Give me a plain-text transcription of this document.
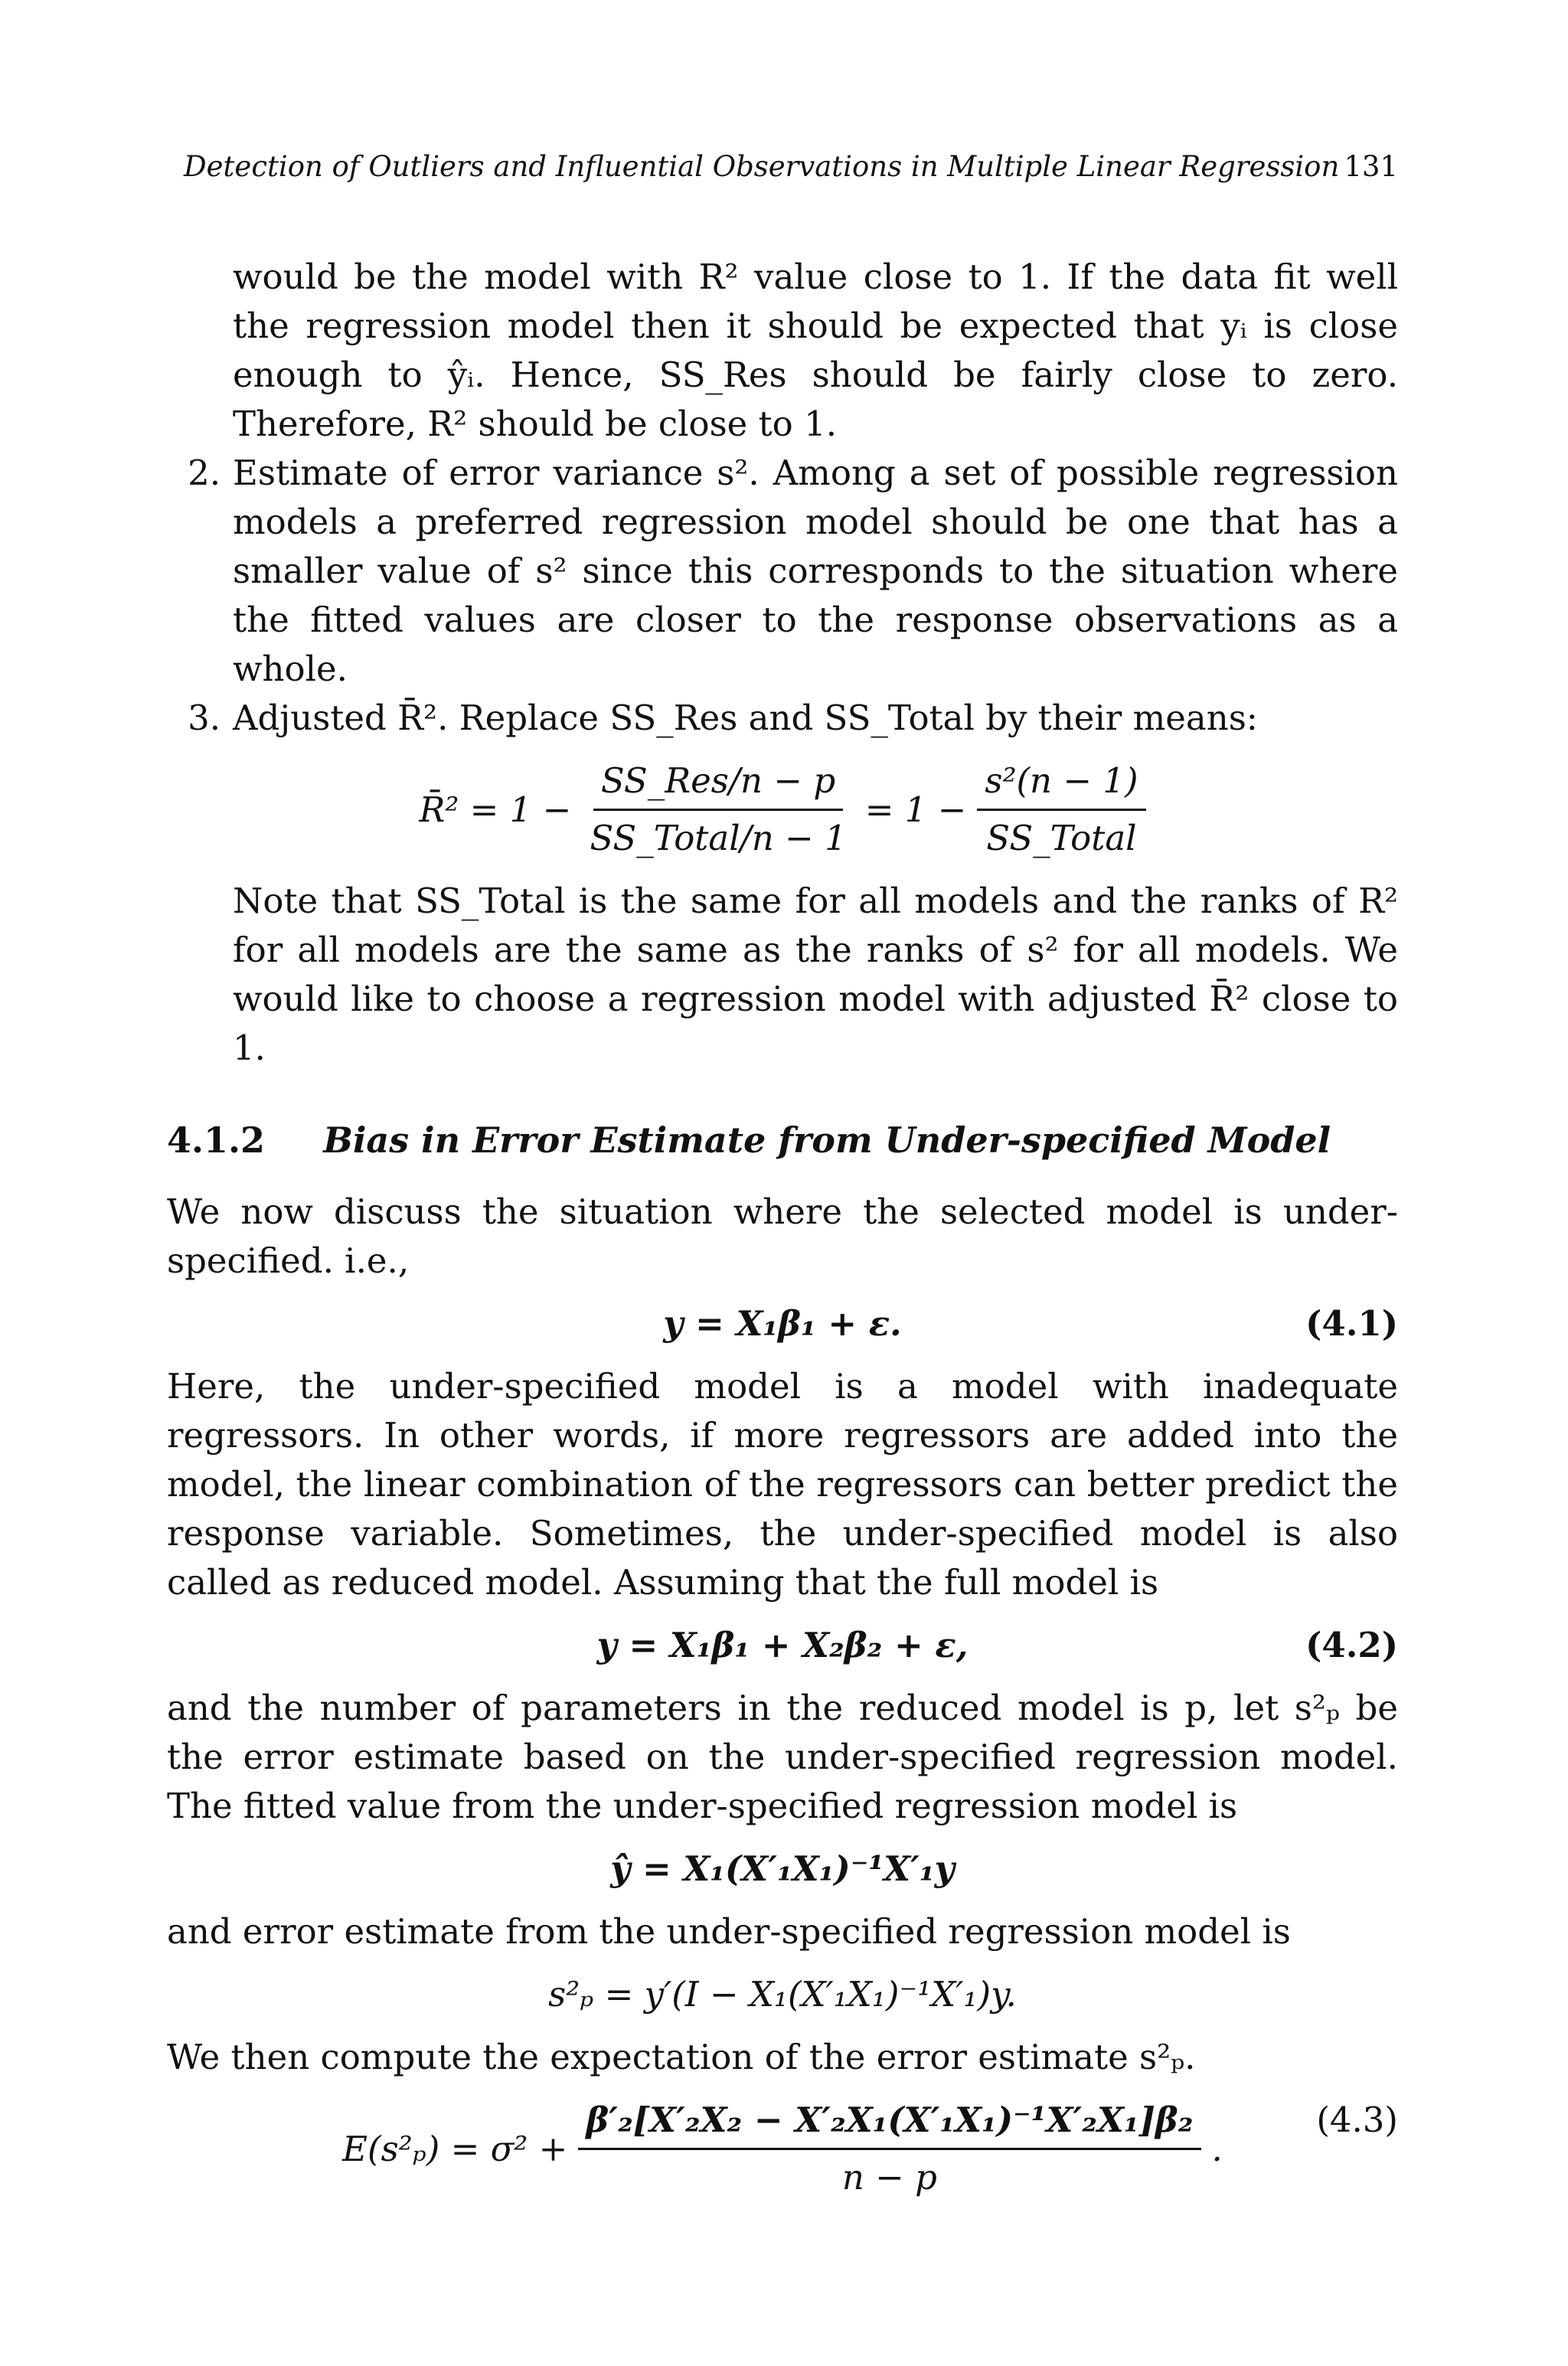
Detection of Outliers and Influential Observations in Multiple Linear Regression 131

would be the model with R² value close to 1. If the data fit well the regression model then it should be expected that yᵢ is close enough to ŷᵢ. Hence, SS_Res should be fairly close to zero. Therefore, R² should be close to 1.

2. Estimate of error variance s². Among a set of possible regression models a preferred regression model should be one that has a smaller value of s² since this corresponds to the situation where the fitted values are closer to the response observations as a whole.
3. Adjusted R̄². Replace SS_Res and SS_Total by their means:
R̄² = $1 - \frac{\text{SS\_Res/n − p}}{\text{SS\_Total/n − 1}} = 1 - \frac{\text{s²(n − 1)}}{\text{SS\_Total}}$

Note that SS_Total is the same for all models and the ranks of R² for all models are the same as the ranks of s² for all models. We would like to choose a regression model with adjusted R̄² close to 1.

4.1.2 Bias in Error Estimate from Under-specified Model

We now discuss the situation where the selected model is under-specified. i.e.,

y = X₁β₁ + ε.	(4.1)

Here, the under-specified model is a model with inadequate regressors. In other words, if more regressors are added into the model, the linear combination of the regressors can better predict the response variable. Sometimes, the under-specified model is also called as reduced model. Assuming that the full model is

y = X₁β₁ + X₂β₂ + ε,	(4.2)

and the number of parameters in the reduced model is p, let s²ₚ be the error estimate based on the under-specified regression model. The fitted value from the under-specified regression model is

ŷ = X₁(X′₁X₁)⁻¹X′₁y

and error estimate from the under-specified regression model is

s²ₚ = y′(I − X₁(X′₁X₁)⁻¹X′₁)y.

We then compute the expectation of the error estimate s²ₚ.

$E(s^2_p) = \sigma^2 + \frac{\text{β′₂[X′₂X₂ − X′₂X₁(X′₁X₁)⁻¹X′₂X₁]β₂}}{n - p}$ .
(4.3)
